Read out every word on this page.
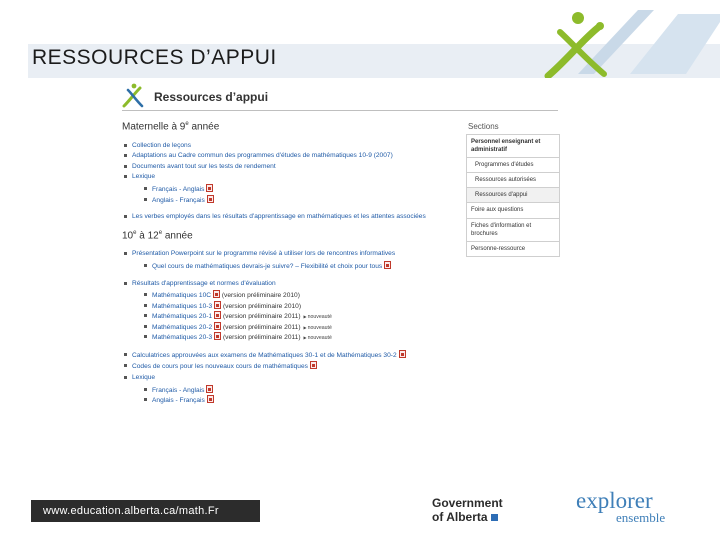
RESSOURCES D’APPUI
Ressources d’appui
Maternelle à 9e année
Collection de leçons
Adaptations au Cadre commun des programmes d'études de mathématiques 10-9 (2007)
Documents avant tout sur les tests de rendement
Lexique
Français - Anglais
Anglais - Français
Les verbes employés dans les résultats d'apprentissage en mathématiques et les attentes associées
10e à 12e année
Présentation Powerpoint sur le programme révisé à utiliser lors de rencontres informatives
Quel cours de mathématiques devrais-je suivre? – Flexibilité et choix pour tous
Résultats d'apprentissage et normes d'évaluation
Mathématiques 10C (version préliminaire 2010)
Mathématiques 10-3 (version préliminaire 2010)
Mathématiques 20-1 (version préliminaire 2011) ▶ nouveauté
Mathématiques 20-2 (version préliminaire 2011) ▶ nouveauté
Mathématiques 20-3 (version préliminaire 2011) ▶ nouveauté
Calculatrices approuvées aux examens de Mathématiques 30-1 et de Mathématiques 30-2
Codes de cours pour les nouveaux cours de mathématiques
Lexique
Français - Anglais
Anglais - Français
Sections
Personnel enseignant et administratif
Programmes d'études
Ressources autorisées
Ressources d'appui
Foire aux questions
Fiches d'information et brochures
Personne-ressource
www.education.alberta.ca/math.Fr
Government
of Alberta
explorer
ensemble
